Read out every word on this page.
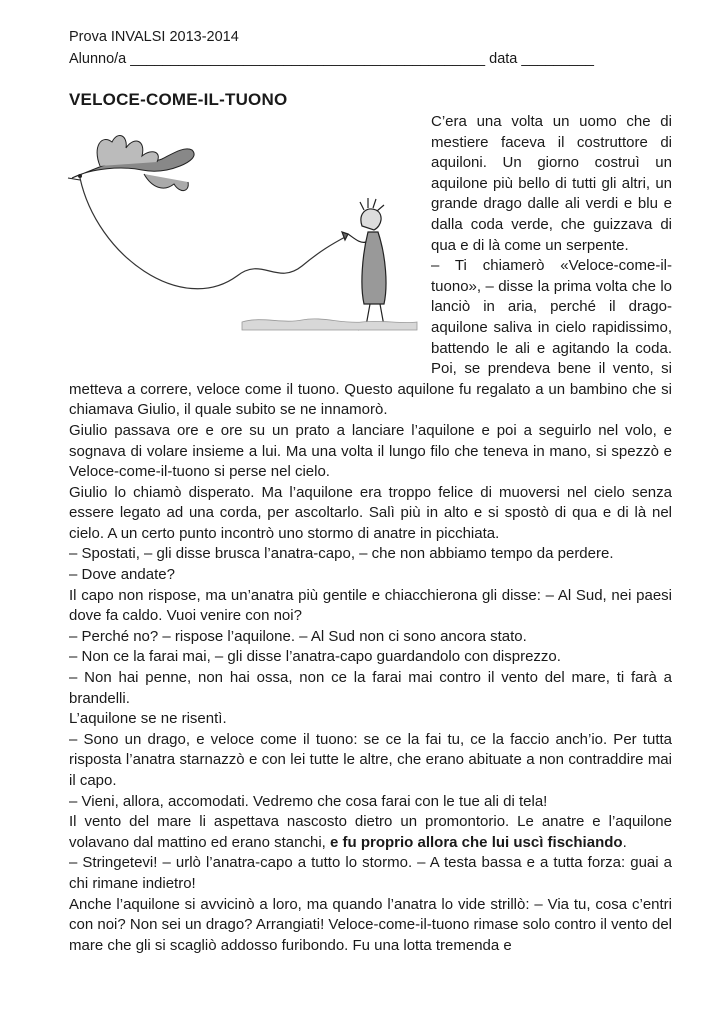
Prova INVALSI 2013-2014
Alunno/a ____________________________________________ data _________
VELOCE-COME-IL-TUONO

C’era una volta un uomo che di mestiere faceva il costruttore di aquiloni. Un giorno costruì un aquilone più bello di tutti gli altri, un grande drago dalle ali verdi e blu e dalla coda verde, che guizzava di qua e di là come un serpente.

– Ti chiamerò «Veloce-come-il-tuono», – disse la prima volta che lo lanciò in aria, perché il drago-aquilone saliva in cielo rapidissimo, battendo le ali e agitando la coda. Poi, se prendeva bene il vento, si metteva a correre, veloce come il tuono. Questo aquilone fu regalato a un bambino che si chiamava Giulio, il quale subito se ne innamorò.

Giulio passava ore e ore su un prato a lanciare l’aquilone e poi a seguirlo nel volo, e sognava di volare insieme a lui. Ma una volta il lungo filo che teneva in mano, si spezzò e Veloce-come-il-tuono si perse nel cielo.

Giulio lo chiamò disperato. Ma l’aquilone era troppo felice di muoversi nel cielo senza essere legato ad una corda, per ascoltarlo. Salì più in alto e si spostò di qua e di là nel cielo. A un certo punto incontrò uno stormo di anatre in picchiata.

– Spostati, – gli disse brusca l’anatra-capo, – che non abbiamo tempo da perdere.

– Dove andate?

Il capo non rispose, ma un’anatra più gentile e chiacchierona gli disse: – Al Sud, nei paesi dove fa caldo. Vuoi venire con noi?

– Perché no? – rispose l’aquilone. – Al Sud non ci sono ancora stato.

– Non ce la farai mai, – gli disse l’anatra-capo guardandolo con disprezzo.

– Non hai penne, non hai ossa, non ce la farai mai contro il vento del mare, ti farà a brandelli.

L’aquilone se ne risentì.

– Sono un drago, e veloce come il tuono: se ce la fai tu, ce la faccio anch’io. Per tutta risposta l’anatra starnazzò e con lei tutte le altre, che erano abituate a non contraddire mai il capo.

– Vieni, allora, accomodati. Vedremo che cosa farai con le tue ali di tela!

Il vento del mare li aspettava nascosto dietro un promontorio. Le anatre e l’aquilone volavano dal mattino ed erano stanchi, e fu proprio allora che lui uscì fischiando.

– Stringetevi! – urlò l’anatra-capo a tutto lo stormo. – A testa bassa e a tutta forza: guai a chi rimane indietro!

Anche l’aquilone si avvicinò a loro, ma quando l’anatra lo vide strillò: – Via tu, cosa c’entri con noi? Non sei un drago? Arrangiati! Veloce-come-il-tuono rimase solo contro il vento del mare che gli si scagliò addosso furibondo. Fu una lotta tremenda e
